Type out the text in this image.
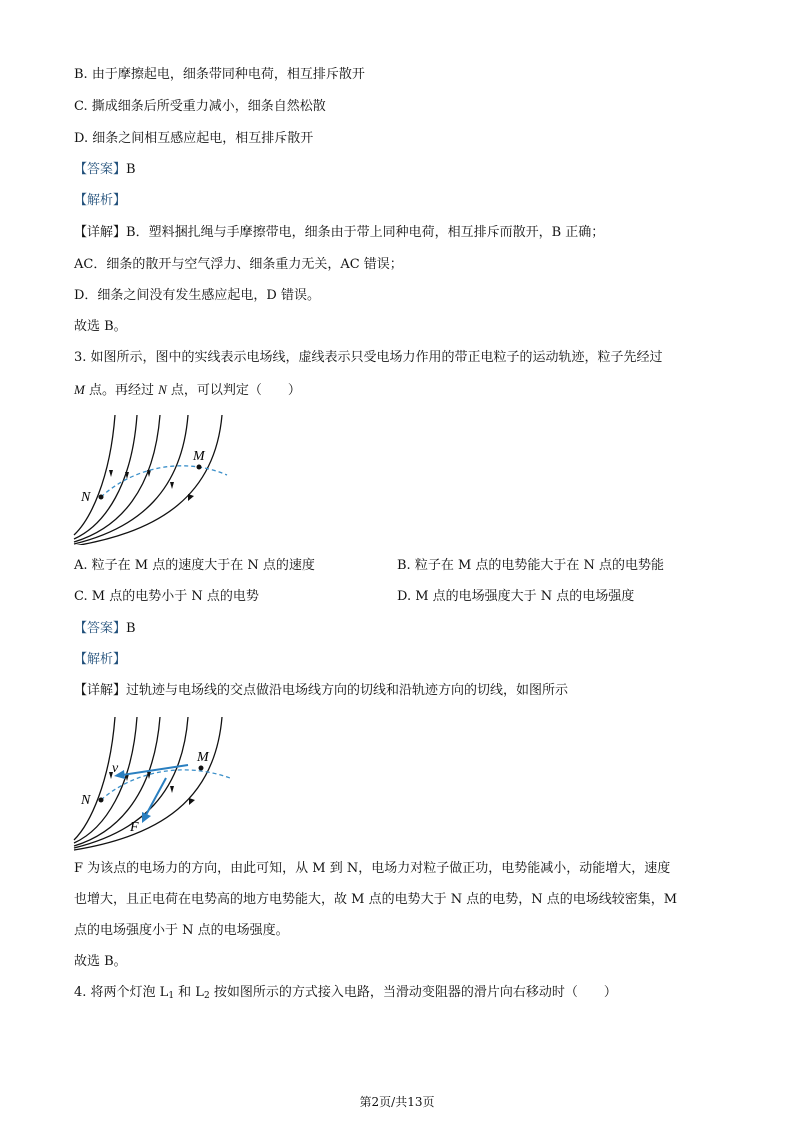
B. 由于摩擦起电，细条带同种电荷，相互排斥散开
C. 撕成细条后所受重力减小，细条自然松散
D. 细条之间相互感应起电，相互排斥散开
【答案】B
【解析】
【详解】B．塑料捆扎绳与手摩擦带电，细条由于带上同种电荷，相互排斥而散开，B 正确；
AC．细条的散开与空气浮力、细条重力无关，AC 错误；
D．细条之间没有发生感应起电，D 错误。
故选 B。
3. 如图所示，图中的实线表示电场线，虚线表示只受电场力作用的带正电粒子的运动轨迹，粒子先经过
M 点。再经过 N 点，可以判定（　　）
N
M
A. 粒子在 M 点的速度大于在 N 点的速度	B. 粒子在 M 点的电势能大于在 N 点的电势能
C. M 点的电势小于 N 点的电势	D. M 点的电场强度大于 N 点的电场强度
【答案】B
【解析】
【详解】过轨迹与电场线的交点做沿电场线方向的切线和沿轨迹方向的切线，如图所示
N
M
v
F
F 为该点的电场力的方向，由此可知，从 M 到 N，电场力对粒子做正功，电势能减小，动能增大，速度
也增大，且正电荷在电势高的地方电势能大，故 M 点的电势大于 N 点的电势，N 点的电场线较密集，M
点的电场强度小于 N 点的电场强度。
故选 B。
4. 将两个灯泡 $L_1$ 和 $L_2$ 按如图所示的方式接入电路，当滑动变阻器的滑片向右移动时（　　）
第2页/共13页
